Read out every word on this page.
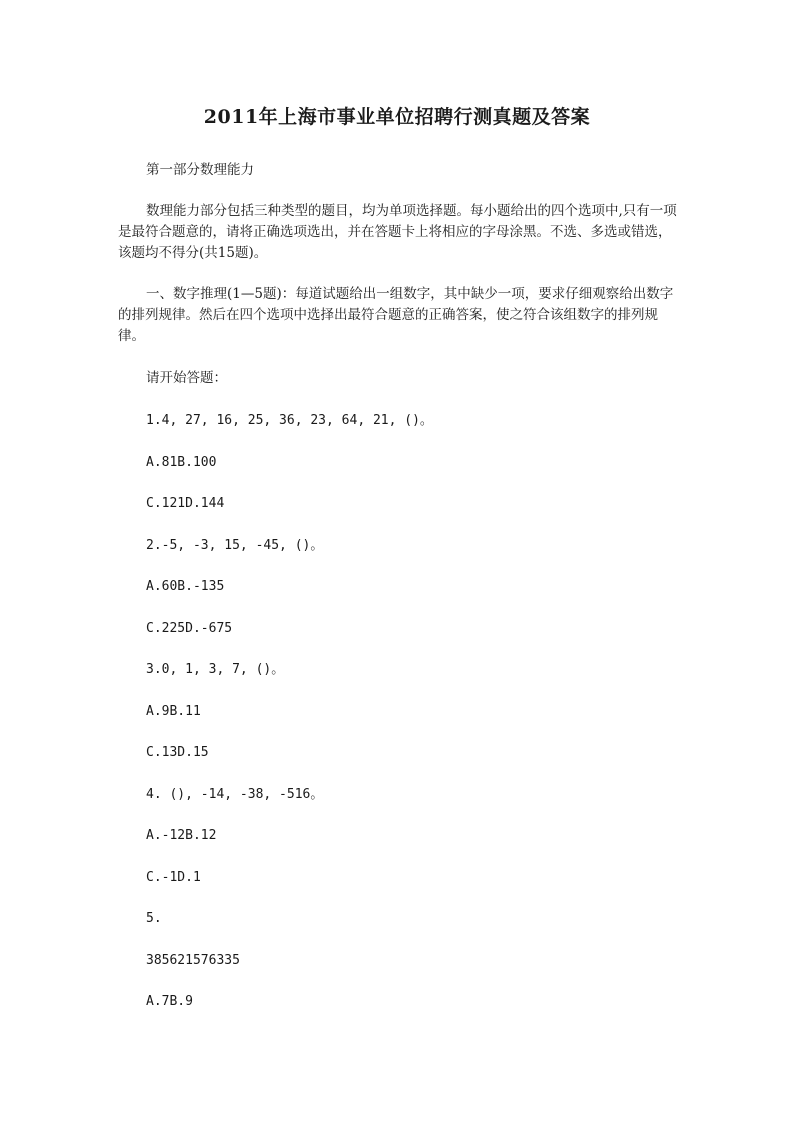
2011年上海市事业单位招聘行测真题及答案

第一部分数理能力

数理能力部分包括三种类型的题目，均为单项选择题。每小题给出的四个选项中,只有一项是最符合题意的，请将正确选项选出，并在答题卡上将相应的字母涂黑。不选、多选或错选，该题均不得分(共15题)。

一、数字推理(1—5题)：每道试题给出一组数字，其中缺少一项，要求仔细观察给出数字的排列规律。然后在四个选项中选择出最符合题意的正确答案，使之符合该组数字的排列规律。

请开始答题：

1.4, 27, 16, 25, 36, 23, 64, 21, ()。

A.81B.100

C.121D.144

2.-5, -3, 15, -45, ()。

A.60B.-135

C.225D.-675

3.0, 1, 3, 7, ()。

A.9B.11

C.13D.15

4. (), -14, -38, -516。

A.-12B.12

C.-1D.1

5.

385621576335

A.7B.9
